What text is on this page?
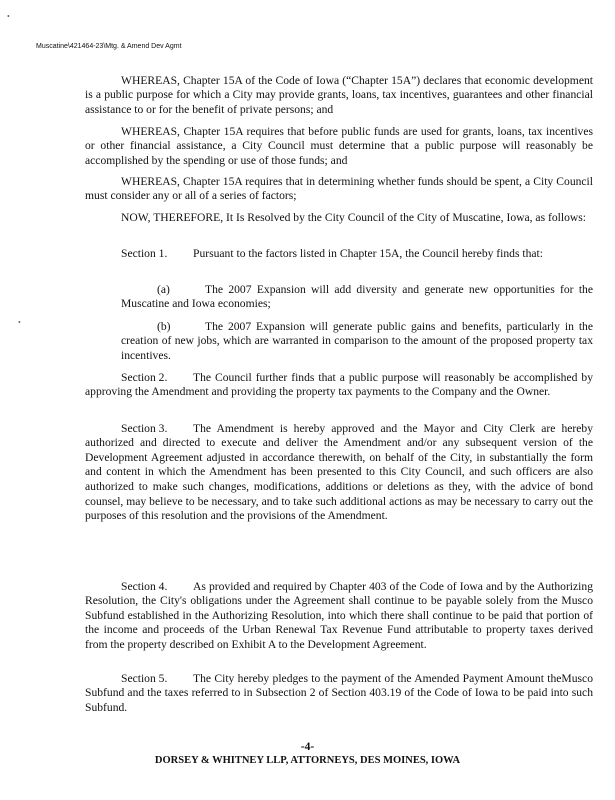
•
•
Muscatine\421464-23\Mtg. & Amend Dev Agmt

WHEREAS, Chapter 15A of the Code of Iowa (“Chapter 15A”) declares that economic development is a public purpose for which a City may provide grants, loans, tax incentives, guarantees and other financial assistance to or for the benefit of private persons; and

WHEREAS, Chapter 15A requires that before public funds are used for grants, loans, tax incentives or other financial assistance, a City Council must determine that a public purpose will reasonably be accomplished by the spending or use of those funds; and

WHEREAS, Chapter 15A requires that in determining whether funds should be spent, a City Council must consider any or all of a series of factors;

NOW, THEREFORE, It Is Resolved by the City Council of the City of Muscatine, Iowa, as follows:

Section 1. Pursuant to the factors listed in Chapter 15A, the Council hereby finds that:

(a)	The 2007 Expansion will add diversity and generate new opportunities for the Muscatine and Iowa economies;

(b)	The 2007 Expansion will generate public gains and benefits, particularly in the creation of new jobs, which are warranted in comparison to the amount of the proposed property tax incentives.

Section 2. The Council further finds that a public purpose will reasonably be accomplished by approving the Amendment and providing the property tax payments to the Company and the Owner.

Section 3. The Amendment is hereby approved and the Mayor and City Clerk are hereby authorized and directed to execute and deliver the Amendment and/or any subsequent version of the Development Agreement adjusted in accordance therewith, on behalf of the City, in substantially the form and content in which the Amendment has been presented to this City Council, and such officers are also authorized to make such changes, modifications, additions or deletions as they, with the advice of bond counsel, may believe to be necessary, and to take such additional actions as may be necessary to carry out the purposes of this resolution and the provisions of the Amendment.

Section 4. As provided and required by Chapter 403 of the Code of Iowa and by the Authorizing Resolution, the City's obligations under the Agreement shall continue to be payable solely from the Musco Subfund established in the Authorizing Resolution, into which there shall continue to be paid that portion of the income and proceeds of the Urban Renewal Tax Revenue Fund attributable to property taxes derived from the property described on Exhibit A to the Development Agreement.

Section 5. The City hereby pledges to the payment of the Amended Payment Amount theMusco Subfund and the taxes referred to in Subsection 2 of Section 403.19 of the Code of Iowa to be paid into such Subfund.

-4-
DORSEY & WHITNEY LLP, ATTORNEYS, DES MOINES, IOWA
